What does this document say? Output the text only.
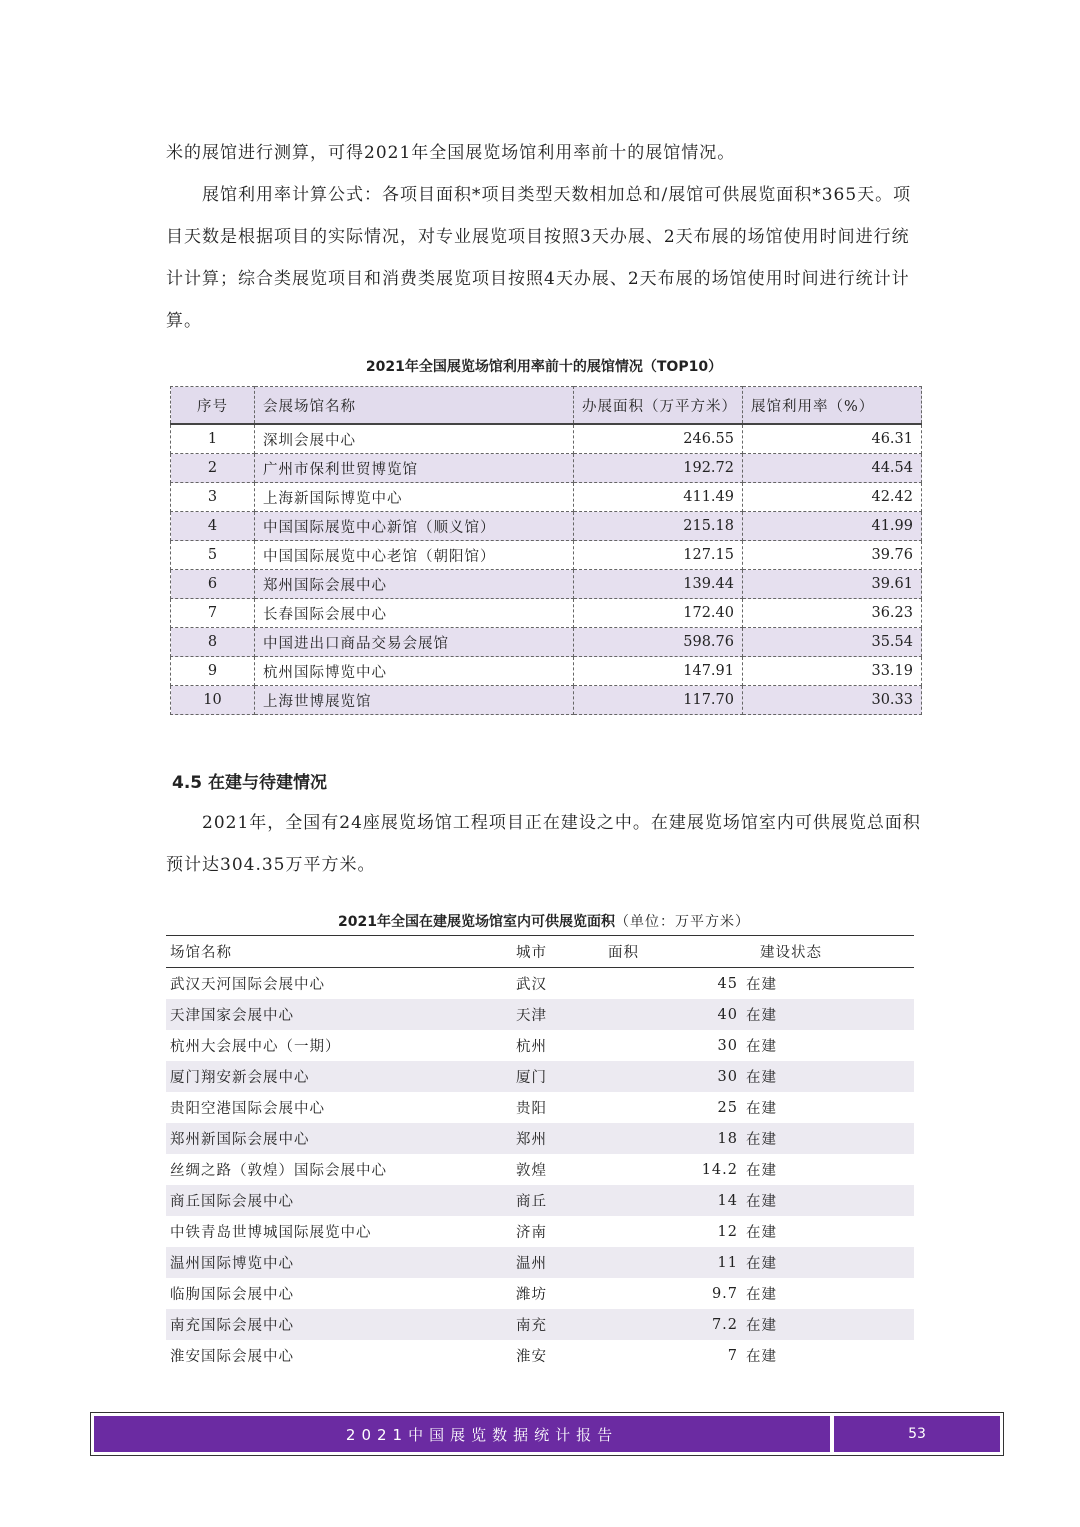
米的展馆进行测算，可得2021年全国展览场馆利用率前十的展馆情况。

展馆利用率计算公式：各项目面积*项目类型天数相加总和/展馆可供展览面积*365天。项目天数是根据项目的实际情况，对专业展览项目按照3天办展、2天布展的场馆使用时间进行统计计算；综合类展览项目和消费类展览项目按照4天办展、2天布展的场馆使用时间进行统计计算。

2021年全国展览场馆利用率前十的展馆情况（TOP10）
序号	会展场馆名称	办展面积（万平方米）	展馆利用率（%）
1	深圳会展中心	246.55	46.31
2	广州市保利世贸博览馆	192.72	44.54
3	上海新国际博览中心	411.49	42.42
4	中国国际展览中心新馆（顺义馆）	215.18	41.99
5	中国国际展览中心老馆（朝阳馆）	127.15	39.76
6	郑州国际会展中心	139.44	39.61
7	长春国际会展中心	172.40	36.23
8	中国进出口商品交易会展馆	598.76	35.54
9	杭州国际博览中心	147.91	33.19
10	上海世博展览馆	117.70	30.33
4.5 在建与待建情况

2021年，全国有24座展览场馆工程项目正在建设之中。在建展览场馆室内可供展览总面积预计达304.35万平方米。

2021年全国在建展览场馆室内可供展览面积（单位：万平方米）
场馆名称	城市	面积	建设状态
武汉天河国际会展中心	武汉	45	在建
天津国家会展中心	天津	40	在建
杭州大会展中心（一期）	杭州	30	在建
厦门翔安新会展中心	厦门	30	在建
贵阳空港国际会展中心	贵阳	25	在建
郑州新国际会展中心	郑州	18	在建
丝绸之路（敦煌）国际会展中心	敦煌	14.2	在建
商丘国际会展中心	商丘	14	在建
中铁青岛世博城国际展览中心	济南	12	在建
温州国际博览中心	温州	11	在建
临朐国际会展中心	潍坊	9.7	在建
南充国际会展中心	南充	7.2	在建
淮安国际会展中心	淮安	7	在建
2021中国展览数据统计报告	53
